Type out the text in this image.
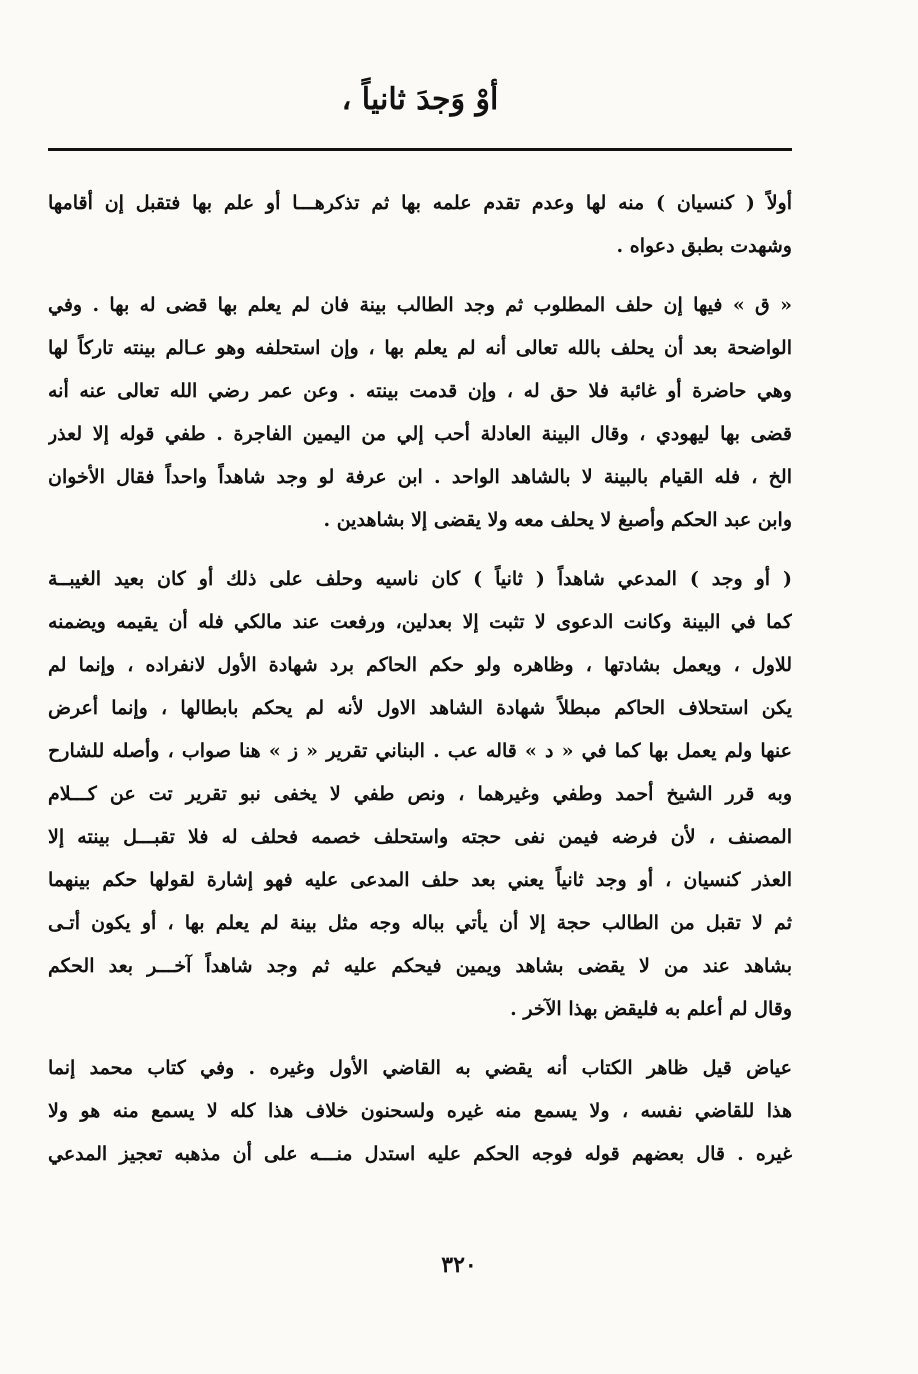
أوْ وَجدَ ثانياً ،
أولاً ( كنسيان ) منه لها وعدم تقدم علمه بها ثم تذكرهـــا أو علم بها فتقبل إن أقامها
وشهدت بطبق دعواه .
« ق » فيها إن حلف المطلوب ثم وجد الطالب بينة فان لم يعلم بها قضى له بها . وفي
الواضحة بعد أن يحلف بالله تعالى أنه لم يعلم بها ، وإن استحلفه وهو عـالم بينته تاركاً لها
وهي حاضرة أو غائبة فلا حق له ، وإن قدمت بينته . وعن عمر رضي الله تعالى عنه أنه
قضى بها ليهودي ، وقال البينة العادلة أحب إلي من اليمين الفاجرة . طفي قوله إلا لعذر
الخ ، فله القيام بالبينة لا بالشاهد الواحد . ابن عرفة لو وجد شاهداً واحداً فقال الأخوان
وابن عبد الحكم وأصبغ لا يحلف معه ولا يقضى إلا بشاهدين .
( أو وجد ) المدعي شاهداً ( ثانياً ) كان ناسيه وحلف على ذلك أو كان بعيد الغيبــة
كما في البينة وكانت الدعوى لا تثبت إلا بعدلين، ورفعت عند مالكي فله أن يقيمه ويضمنه
للاول ، ويعمل بشادتها ، وظاهره ولو حكم الحاكم برد شهادة الأول لانفراده ، وإنما لم
يكن استحلاف الحاكم مبطلاً شهادة الشاهد الاول لأنه لم يحكم بابطالها ، وإنما أعرض
عنها ولم يعمل بها كما في « د » قاله عب . البناني تقرير « ز » هنا صواب ، وأصله للشارح
وبه قرر الشيخ أحمد وطفي وغيرهما ، ونص طفي لا يخفى نبو تقرير تت عن كـــلام
المصنف ، لأن فرضه فيمن نفى حجته واستحلف خصمه فحلف له فلا تقبـــل بينته إلا
العذر كنسيان ، أو وجد ثانياً يعني بعد حلف المدعى عليه فهو إشارة لقولها حكم بينهما
ثم لا تقبل من الطالب حجة إلا أن يأتي بباله وجه مثل بينة لم يعلم بها ، أو يكون أتـى
بشاهد عند من لا يقضى بشاهد ويمين فيحكم عليه ثم وجد شاهداً آخـــر بعد الحكم
وقال لم أعلم به فليقض بهذا الآخر .
عياض قيل ظاهر الكتاب أنه يقضي به القاضي الأول وغيره . وفي كتاب محمد إنما
هذا للقاضي نفسه ، ولا يسمع منه غيره ولسحنون خلاف هذا كله لا يسمع منه هو ولا
غيره . قال بعضهم قوله فوجه الحكم عليه استدل منـــه على أن مذهبه تعجيز المدعي
٣٢٠
